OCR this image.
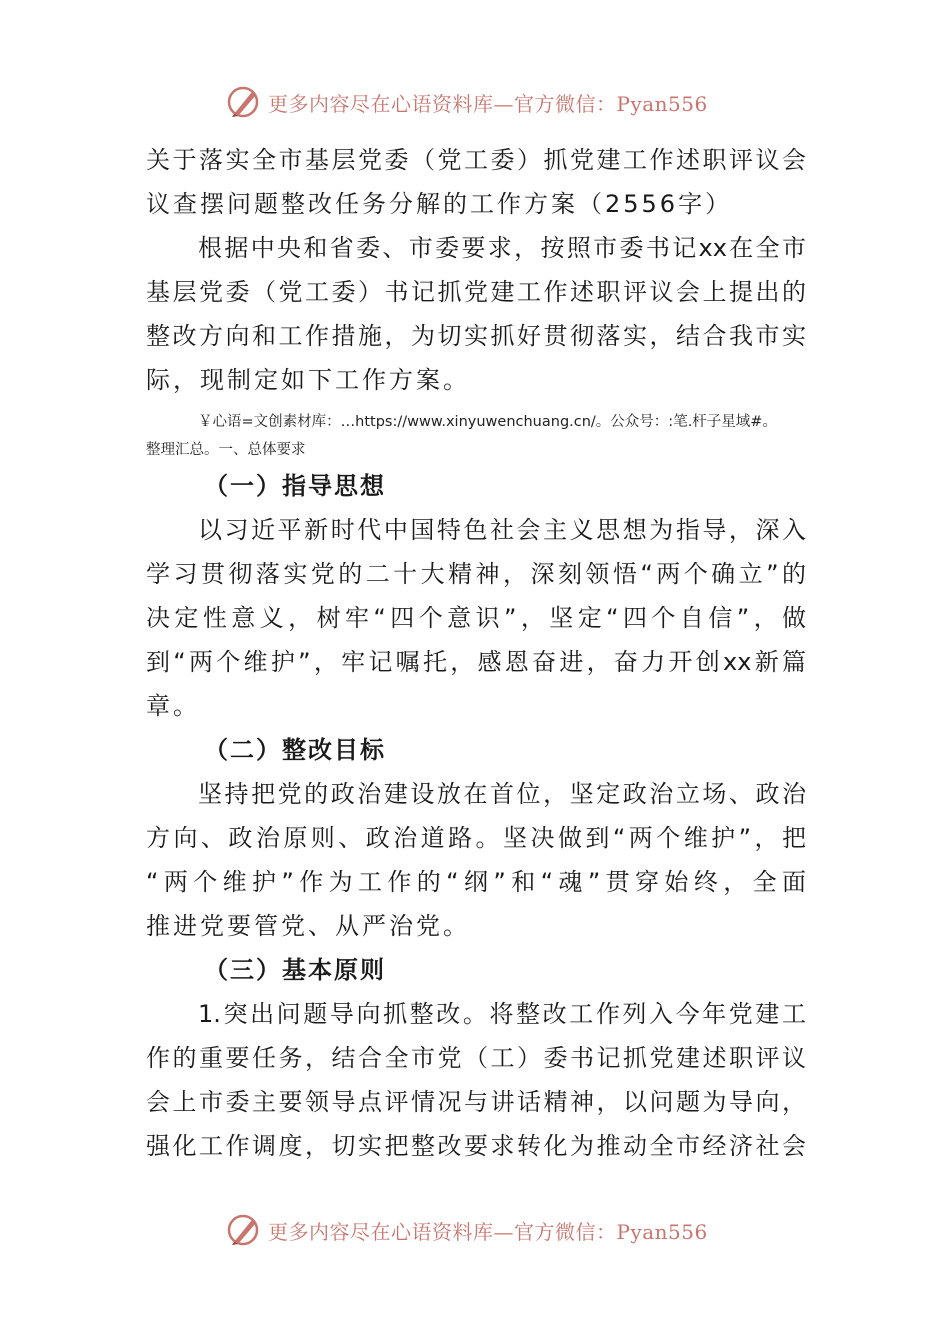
更多内容尽在心语资料库—官方微信：Pyan556
关于落实全市基层党委（党工委）抓党建工作述职评议会
议查摆问题整改任务分解的工作方案（2556字）
根据中央和省委、市委要求，按照市委书记xx在全市
基层党委（党工委）书记抓党建工作述职评议会上提出的
整改方向和工作措施，为切实抓好贯彻落实，结合我市实
际，现制定如下工作方案。
￥心语=文创素材库：…https://www.xinyuwenchuang.cn/。公众号：:笔.杆子星域#。
整理汇总。一、总体要求
（一）指导思想
以习近平新时代中国特色社会主义思想为指导，深入
学习贯彻落实党的二十大精神，深刻领悟“两个确立”的
决定性意义，树牢“四个意识”，坚定“四个自信”，做
到“两个维护”，牢记嘱托，感恩奋进，奋力开创xx新篇
章。
（二）整改目标
坚持把党的政治建设放在首位，坚定政治立场、政治
方向、政治原则、政治道路。坚决做到“两个维护”，把
“两个维护”作为工作的“纲”和“魂”贯穿始终，全面
推进党要管党、从严治党。
（三）基本原则
1.突出问题导向抓整改。将整改工作列入今年党建工
作的重要任务，结合全市党（工）委书记抓党建述职评议
会上市委主要领导点评情况与讲话精神，以问题为导向，
强化工作调度，切实把整改要求转化为推动全市经济社会
更多内容尽在心语资料库—官方微信：Pyan556
